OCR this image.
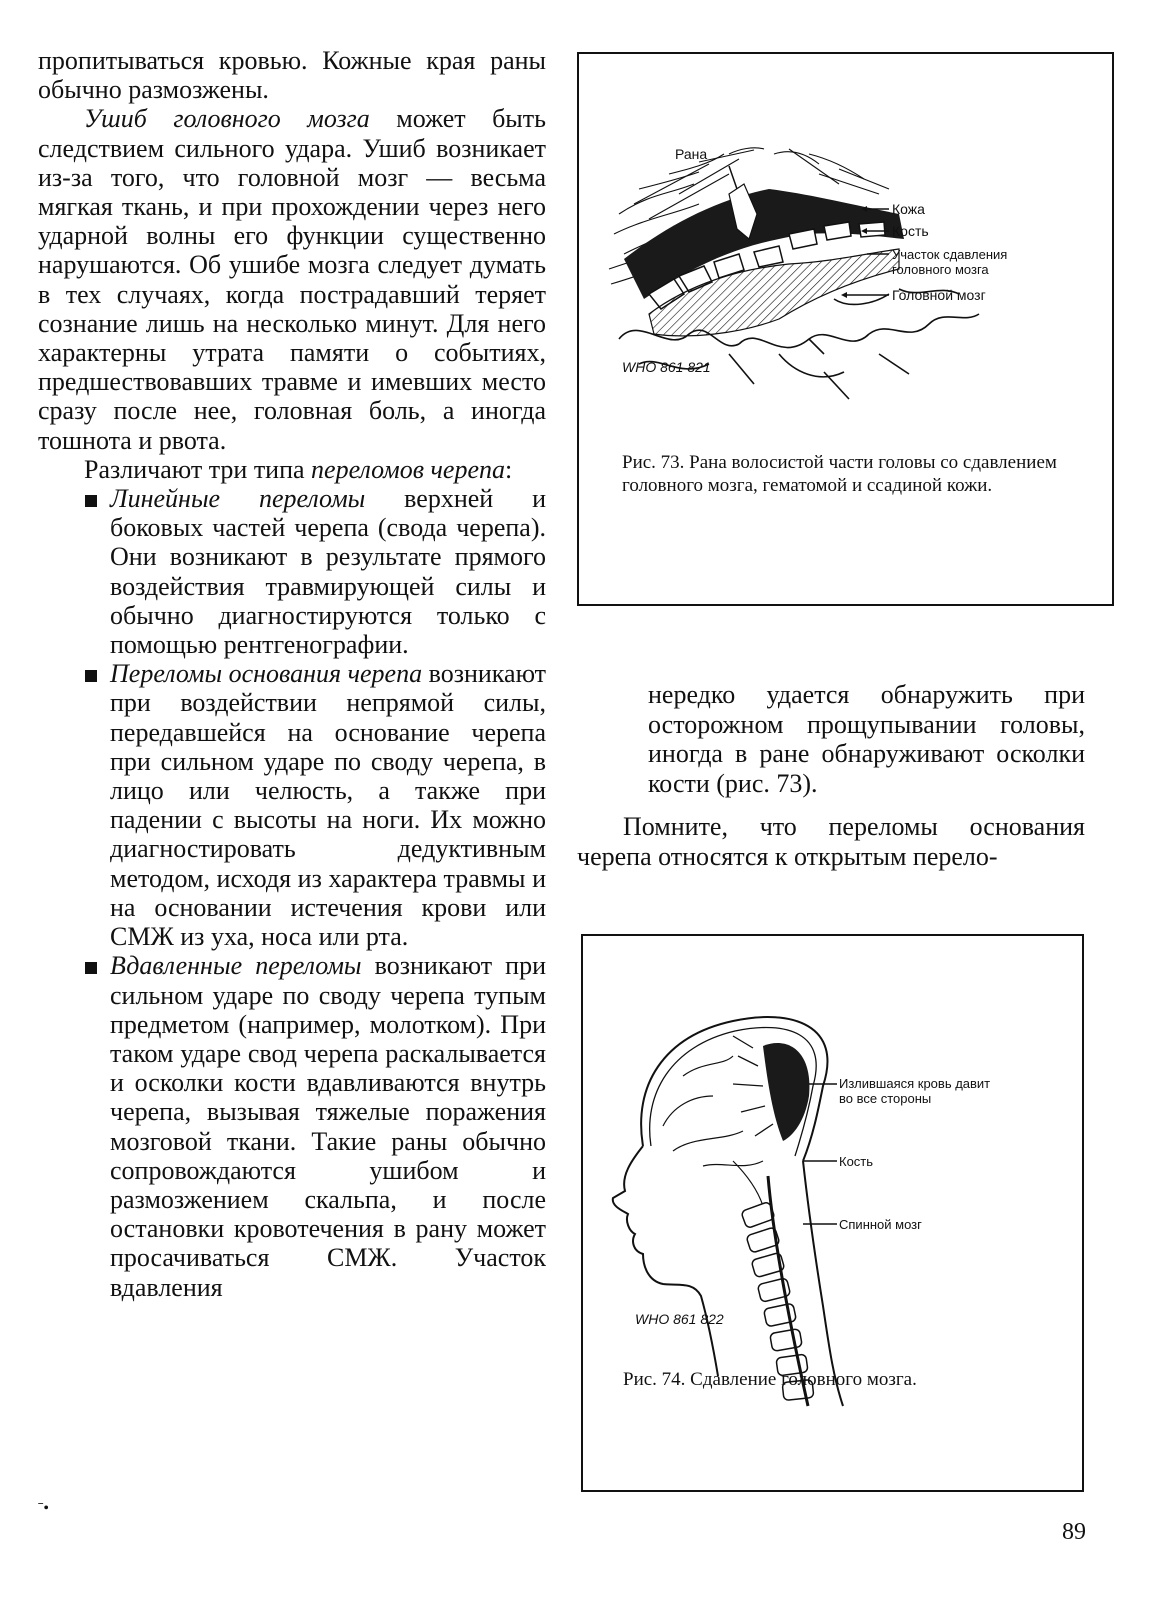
пропитываться кровью. Кожные края раны обычно размозжены.

Ушиб головного мозга может быть следствием сильного удара. Ушиб возникает из-за того, что головной мозг — весьма мягкая ткань, и при прохождении через него ударной волны его функции существенно нарушаются. Об ушибе мозга следует думать в тех случаях, когда пострадавший теряет сознание лишь на несколько минут. Для него характерны утрата памяти о событиях, предшествовавших травме и имевших место сразу после нее, головная боль, а иногда тошнота и рвота.

Различают три типа переломов черепа:

Линейные переломы верхней и боковых частей черепа (свода черепа). Они возникают в результате прямого воздействия травмирующей силы и обычно диагностируются только с помощью рентгенографии.
Переломы основания черепа возникают при воздействии непрямой силы, передавшейся на основание черепа при сильном ударе по своду черепа, в лицо или челюсть, а также при падении с высоты на ноги. Их можно диагностировать дедуктивным методом, исходя из характера травмы и на основании истечения крови или СМЖ из уха, носа или рта.
Вдавленные переломы возникают при сильном ударе по своду черепа тупым предметом (например, молотком). При таком ударе свод черепа раскалывается и осколки кости вдавливаются внутрь черепа, вызывая тяжелые поражения мозговой ткани. Такие раны обычно сопровождаются ушибом и размозжением скальпа, и после остановки кровотечения в рану может просачиваться СМЖ. Участок вдавления
Рана
Кожа
Кость
Участок сдавления
головного мозга
Головной мозг
WHO 861 821
Рис. 73. Рана волосистой части головы со сдавлением головного мозга, гематомой и ссадиной кожи.

нередко удается обнаружить при осторожном прощупывании головы, иногда в ране обнаруживают осколки кости (рис. 73).

Помните, что переломы основания черепа относятся к открытым перело-

Излившаяся кровь давит
во все стороны
Кость
Спинной мозг
WHO 861 822
Рис. 74. Сдавление головного мозга.
ˉ•
89
